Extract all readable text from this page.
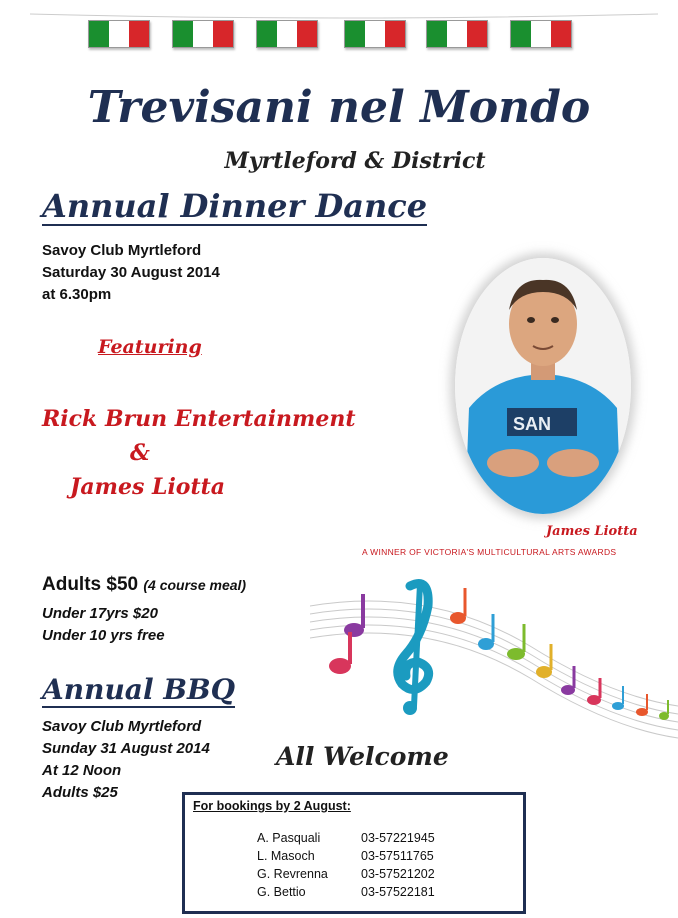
Trevisani nel Mondo
Myrtleford & District
Annual Dinner Dance
Savoy Club Myrtleford
Saturday 30 August 2014
at 6.30pm
Featuring
Rick Brun Entertainment
&
James Liotta
SAN
James Liotta
A WINNER OF VICTORIA'S MULTICULTURAL ARTS AWARDS
Adults $50 (4 course meal)
Under 17yrs $20
Under 10 yrs free
Annual BBQ
Savoy Club Myrtleford
Sunday 31 August 2014
At 12 Noon
Adults $25
All Welcome
For bookings by 2 August:
A. Pasquali	03-57221945
L. Masoch	03-57511765
G. Revrenna	03-57521202
G. Bettio	03-57522181
